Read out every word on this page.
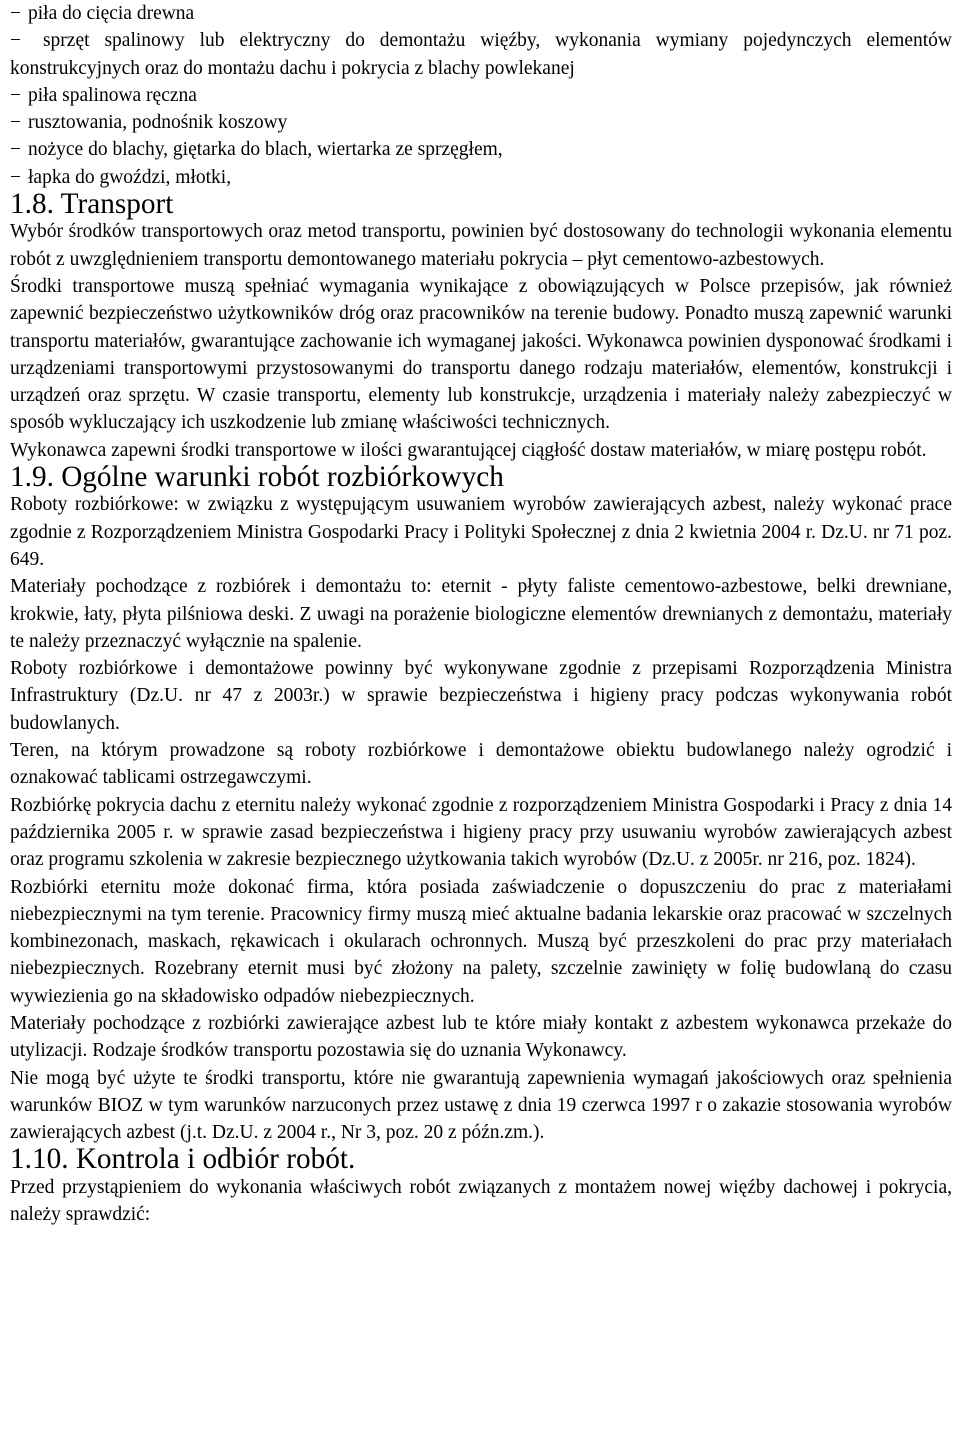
− piła do cięcia drewna
− sprzęt spalinowy lub elektryczny do demontażu więźby, wykonania wymiany pojedynczych elementów konstrukcyjnych oraz do montażu dachu i pokrycia z blachy powlekanej
− piła spalinowa ręczna
− rusztowania, podnośnik koszowy
− nożyce do blachy, giętarka do blach, wiertarka ze sprzęgłem,
− łapka do gwoździ, młotki,
1.8. Transport

Wybór środków transportowych oraz metod transportu, powinien być dostosowany do technologii wykonania elementu robót z uwzględnieniem transportu demontowanego materiału pokrycia – płyt cementowo-azbestowych.

Środki transportowe muszą spełniać wymagania wynikające z obowiązujących w Polsce przepisów, jak również zapewnić bezpieczeństwo użytkowników dróg oraz pracowników na terenie budowy. Ponadto muszą zapewnić warunki transportu materiałów, gwarantujące zachowanie ich wymaganej jakości. Wykonawca powinien dysponować środkami i urządzeniami transportowymi przystosowanymi do transportu danego rodzaju materiałów, elementów, konstrukcji i urządzeń oraz sprzętu. W czasie transportu, elementy lub konstrukcje, urządzenia i materiały należy zabezpieczyć w sposób wykluczający ich uszkodzenie lub zmianę właściwości technicznych.

Wykonawca zapewni środki transportowe w ilości gwarantującej ciągłość dostaw materiałów, w miarę postępu robót.

1.9. Ogólne warunki robót rozbiórkowych

Roboty rozbiórkowe: w związku z występującym usuwaniem wyrobów zawierających azbest, należy wykonać prace zgodnie z Rozporządzeniem Ministra Gospodarki Pracy i Polityki Społecznej z dnia 2 kwietnia 2004 r. Dz.U. nr 71 poz. 649.

Materiały pochodzące z rozbiórek i demontażu to: eternit - płyty faliste cementowo-azbestowe, belki drewniane, krokwie, łaty, płyta pilśniowa deski. Z uwagi na porażenie biologiczne elementów drewnianych z demontażu, materiały te należy przeznaczyć wyłącznie na spalenie.

Roboty rozbiórkowe i demontażowe powinny być wykonywane zgodnie z przepisami Rozporządzenia Ministra Infrastruktury (Dz.U. nr 47 z 2003r.) w sprawie bezpieczeństwa i higieny pracy podczas wykonywania robót budowlanych.

Teren, na którym prowadzone są roboty rozbiórkowe i demontażowe obiektu budowlanego należy ogrodzić i oznakować tablicami ostrzegawczymi.

Rozbiórkę pokrycia dachu z eternitu należy wykonać zgodnie z rozporządzeniem Ministra Gospodarki i Pracy z dnia 14 października 2005 r. w sprawie zasad bezpieczeństwa i higieny pracy przy usuwaniu wyrobów zawierających azbest oraz programu szkolenia w zakresie bezpiecznego użytkowania takich wyrobów (Dz.U. z 2005r. nr 216, poz. 1824).

Rozbiórki eternitu może dokonać firma, która posiada zaświadczenie o dopuszczeniu do prac z materiałami niebezpiecznymi na tym terenie. Pracownicy firmy muszą mieć aktualne badania lekarskie oraz pracować w szczelnych kombinezonach, maskach, rękawicach i okularach ochronnych. Muszą być przeszkoleni do prac przy materiałach niebezpiecznych. Rozebrany eternit musi być złożony na palety, szczelnie zawinięty w folię budowlaną do czasu wywiezienia go na składowisko odpadów niebezpiecznych.

Materiały pochodzące z rozbiórki zawierające azbest lub te które miały kontakt z azbestem wykonawca przekaże do utylizacji. Rodzaje środków transportu pozostawia się do uznania Wykonawcy.

Nie mogą być użyte te środki transportu, które nie gwarantują zapewnienia wymagań jakościowych oraz spełnienia warunków BIOZ w tym warunków narzuconych przez ustawę z dnia 19 czerwca 1997 r o zakazie stosowania wyrobów zawierających azbest (j.t. Dz.U. z 2004 r., Nr 3, poz. 20 z późn.zm.).

1.10. Kontrola i odbiór robót.

Przed przystąpieniem do wykonania właściwych robót związanych z montażem nowej więźby dachowej i pokrycia, należy sprawdzić:
